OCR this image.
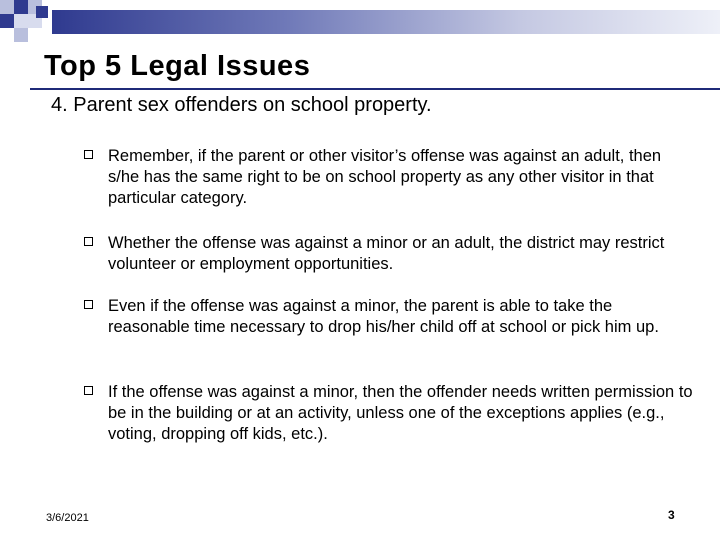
Top 5 Legal Issues
4. Parent sex offenders on school property.
Remember, if the parent or other visitor’s offense was against an adult, then s/he has the same right to be on school property as any other visitor in that particular category.
Whether the offense was against a minor or an adult, the district may restrict volunteer or employment opportunities.
Even if the offense was against a minor, the parent is able to take the reasonable time necessary to drop his/her child off at school or pick him up.
If the offense was against a minor, then the offender needs written permission to be in the building or at an activity, unless one of the exceptions applies (e.g., voting, dropping off kids, etc.).
3/6/2021	3
